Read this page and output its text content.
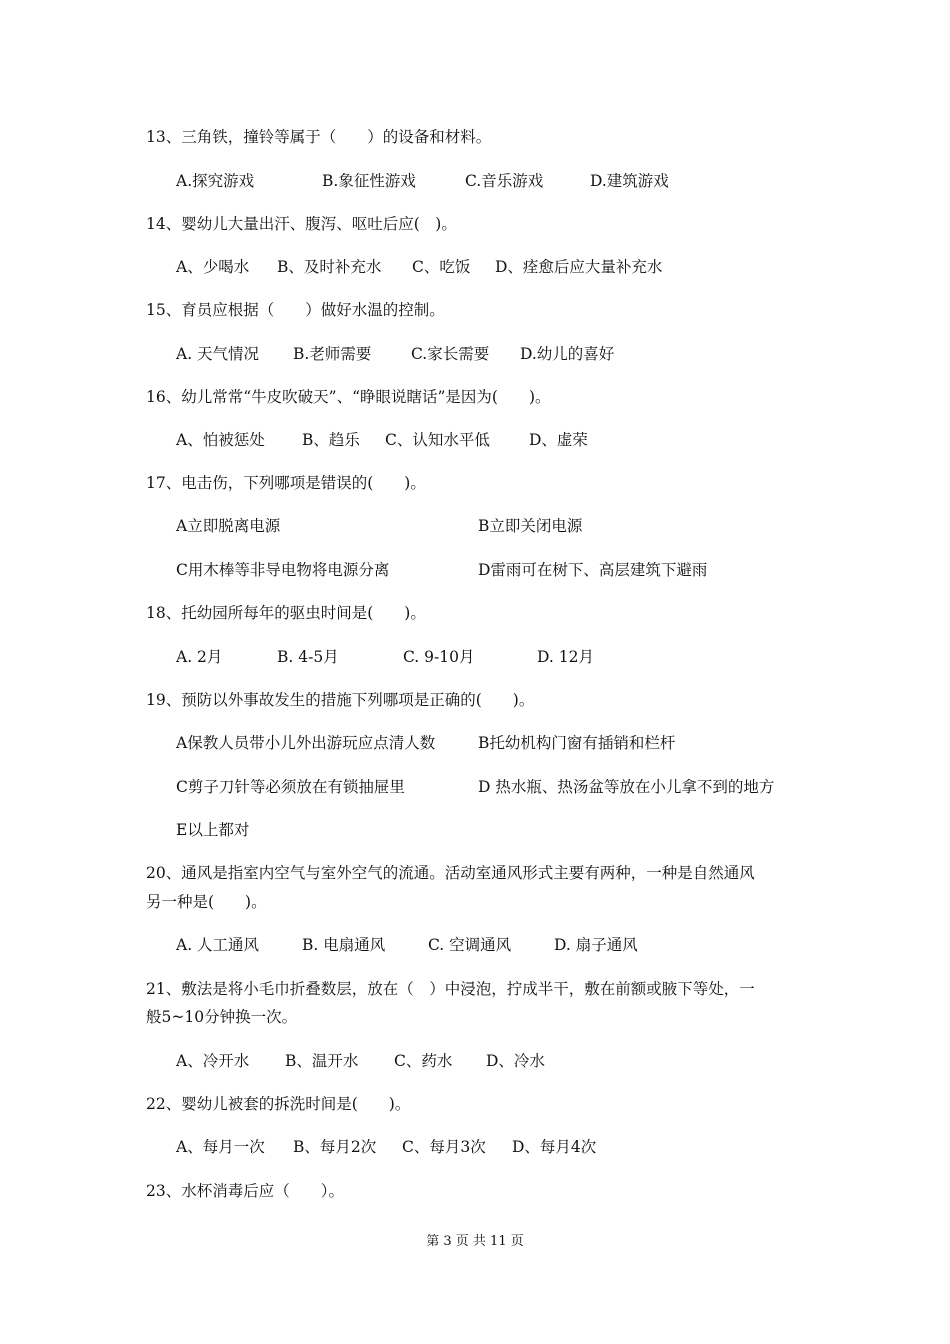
13、三角铁，撞铃等属于（　　）的设备和材料。
A.探究游戏	B.象征性游戏	C.音乐游戏	D.建筑游戏
14、婴幼儿大量出汗、腹泻、呕吐后应(　)。
A、少喝水 B、及时补充水 C、吃饭 D、痊愈后应大量补充水
15、育员应根据（　　）做好水温的控制。
A. 天气情况 B.老师需要	C.家长需要 D.幼儿的喜好
16、幼儿常常“牛皮吹破天”、“睁眼说瞎话”是因为(　　)。
A、怕被惩处 B、趋乐 C、认知水平低	D、虚荣
17、电击伤，下列哪项是错误的(　　)。
A立即脱离电源	B立即关闭电源
C用木棒等非导电物将电源分离	D雷雨可在树下、高层建筑下避雨
18、托幼园所每年的驱虫时间是(　　)。
A. 2月	B. 4-5月	C. 9-10月	D. 12月
19、预防以外事故发生的措施下列哪项是正确的(　　)。
A保教人员带小儿外出游玩应点清人数	B托幼机构门窗有插销和栏杆
C剪子刀针等必须放在有锁抽屉里	D 热水瓶、热汤盆等放在小儿拿不到的地方
E以上都对
20、通风是指室内空气与室外空气的流通。活动室通风形式主要有两种，一种是自然通风
另一种是(　　)。
A. 人工通风	B. 电扇通风	C. 空调通风	D. 扇子通风
21、敷法是将小毛巾折叠数层，放在（　）中浸泡，拧成半干，敷在前额或腋下等处，一
般5~10分钟换一次。
A、冷开水 B、温开水 C、药水 D、冷水
22、婴幼儿被套的拆洗时间是(　　)。
A、每月一次 B、每月2次 C、每月3次 D、每月4次
23、水杯消毒后应（　　）。
第 3 页 共 11 页
